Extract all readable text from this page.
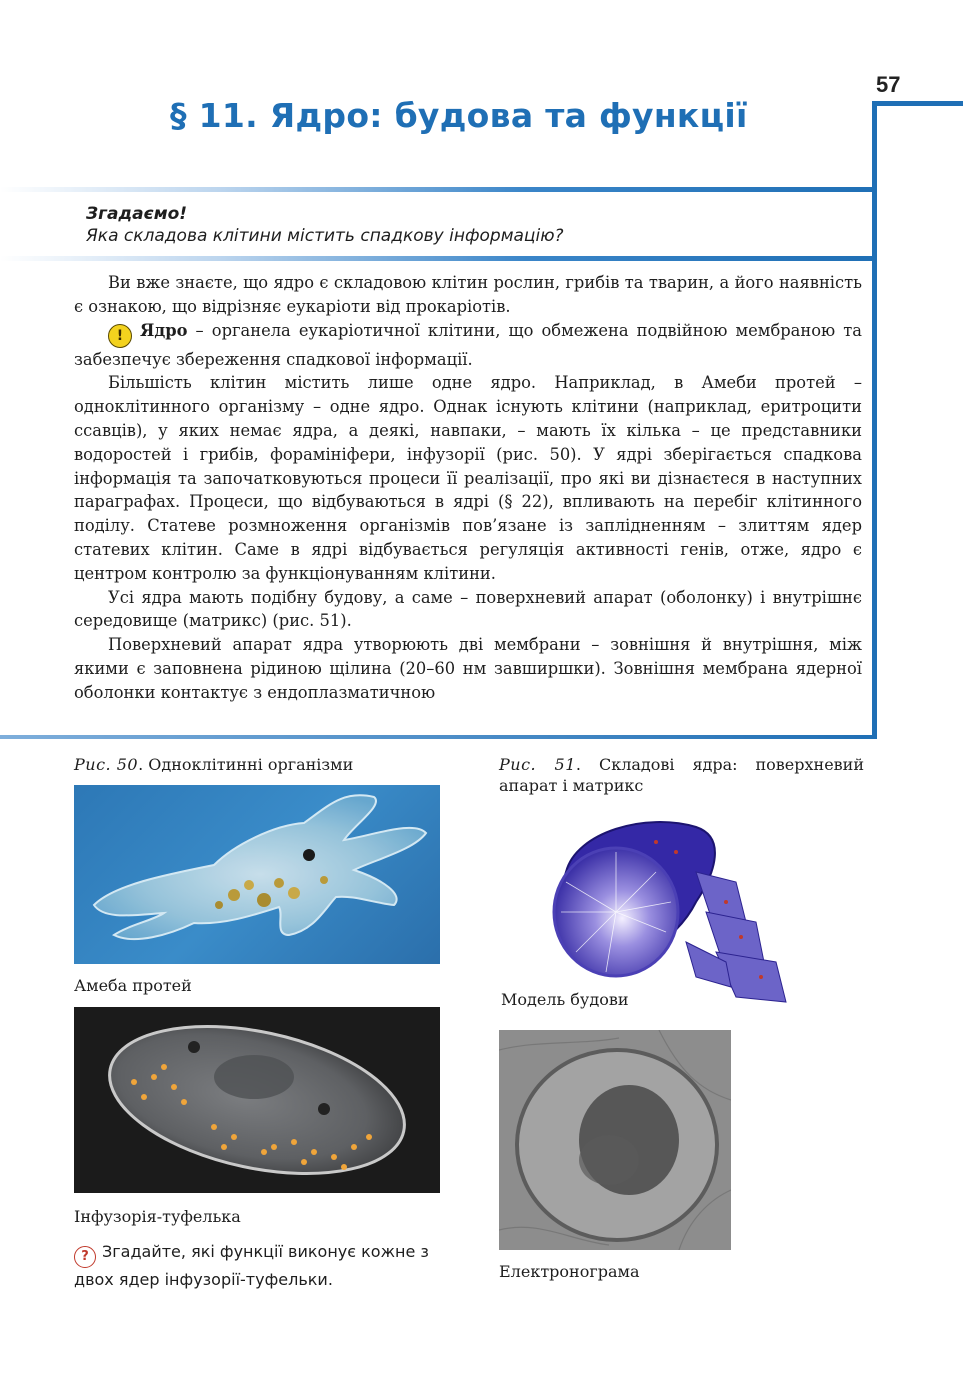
57
§ 11. Ядро: будова та функції
Згадаємо!
Яка складова клітини містить спадкову інформацію?

Ви вже знаєте, що ядро є складовою клітин рослин, грибів та тварин, а його наявність є ознакою, що відрізняє еукаріоти від прокаріотів.

! Ядро – органела еукаріотичної клітини, що обмежена подвійною мембраною та забезпечує збереження спадкової інформації.

Більшість клітин містить лише одне ядро. Наприклад, в Амеби протей – одноклітинного організму – одне ядро. Однак існують клітини (наприклад, еритроцити ссавців), у яких немає ядра, а деякі, навпаки, – мають їх кілька – це представники водоростей і грибів, форамініфери, інфузорії (рис. 50). У ядрі зберігається спадкова інформація та започатковуються процеси її реалізації, про які ви дізнаєтеся в наступних параграфах. Процеси, що відбуваються в ядрі (§ 22), впливають на перебіг клітинного поділу. Статеве розмноження організмів пов’язане із заплідненням – злиттям ядер статевих клітин. Саме в ядрі відбувається регуляція активності генів, отже, ядро є центром контролю за функціонуванням клітини.

Усі ядра мають подібну будову, а саме – поверхневий апарат (оболонку) і внутрішнє середовище (матрикс) (рис. 51).

Поверхневий апарат ядра утворюють дві мембрани – зовнішня й внутрішня, між якими є заповнена рідиною щілина (20–60 нм завширшки). Зовнішня мембрана ядерної оболонки контактує з ендоплазматичною

Рис. 50. Одноклітинні організми
Амеба протей
Інфузорія-туфелька
? Згадайте, які функції виконує кожне з двох ядер інфузорії-туфельки.
Рис. 51. Складові ядра: поверхневий апарат і матрикс
Модель будови
Електронограма
